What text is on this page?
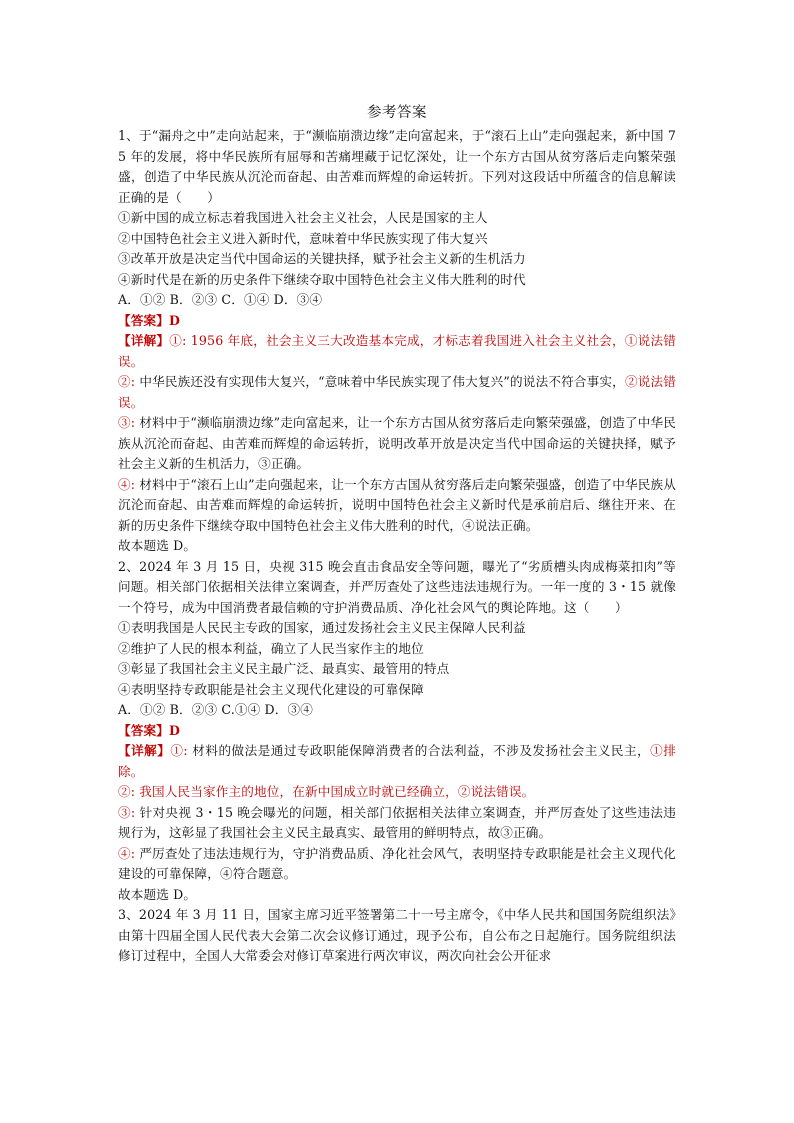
参考答案

1、于“漏舟之中”走向站起来，于“濒临崩溃边缘”走向富起来，于“滚石上山”走向强起来，新中国 75 年的发展，将中华民族所有屈辱和苦痛埋藏于记忆深处，让一个东方古国从贫穷落后走向繁荣强盛，创造了中华民族从沉沦而奋起、由苦难而辉煌的命运转折。下列对这段话中所蕴含的信息解读正确的是（　　）

①新中国的成立标志着我国进入社会主义社会，人民是国家的主人

②中国特色社会主义进入新时代，意味着中华民族实现了伟大复兴

③改革开放是决定当代中国命运的关键抉择，赋予社会主义新的生机活力

④新时代是在新的历史条件下继续夺取中国特色社会主义伟大胜利的时代

A．①② B．②③ C．①④ D．③④

【答案】D

【详解】①: 1956 年底，社会主义三大改造基本完成，才标志着我国进入社会主义社会，①说法错误。

②: 中华民族还没有实现伟大复兴，“意味着中华民族实现了伟大复兴”的说法不符合事实，②说法错误。

③: 材料中于“濒临崩溃边缘”走向富起来，让一个东方古国从贫穷落后走向繁荣强盛，创造了中华民族从沉沦而奋起、由苦难而辉煌的命运转折，说明改革开放是决定当代中国命运的关键抉择，赋予社会主义新的生机活力，③正确。

④: 材料中于“滚石上山”走向强起来，让一个东方古国从贫穷落后走向繁荣强盛，创造了中华民族从沉沦而奋起、由苦难而辉煌的命运转折，说明中国特色社会主义新时代是承前启后、继往开来、在新的历史条件下继续夺取中国特色社会主义伟大胜利的时代，④说法正确。

故本题选 D。

2、2024 年 3 月 15 日，央视 315 晚会直击食品安全等问题，曝光了“劣质槽头肉成梅菜扣肉”等问题。相关部门依据相关法律立案调查，并严厉查处了这些违法违规行为。一年一度的 3・15 就像一个符号，成为中国消费者最信赖的守护消费品质、净化社会风气的舆论阵地。这（　　）

①表明我国是人民民主专政的国家，通过发扬社会主义民主保障人民利益

②维护了人民的根本利益，确立了人民当家作主的地位

③彰显了我国社会主义民主最广泛、最真实、最管用的特点

④表明坚持专政职能是社会主义现代化建设的可靠保障

A．①② B．②③ C.①④ D．③④

【答案】D

【详解】①: 材料的做法是通过专政职能保障消费者的合法利益，不涉及发扬社会主义民主，①排除。

②: 我国人民当家作主的地位，在新中国成立时就已经确立，②说法错误。

③: 针对央视 3・15 晚会曝光的问题，相关部门依据相关法律立案调查，并严厉查处了这些违法违规行为，这彰显了我国社会主义民主最真实、最管用的鲜明特点，故③正确。

④: 严厉查处了违法违规行为，守护消费品质、净化社会风气，表明坚持专政职能是社会主义现代化建设的可靠保障，④符合题意。

故本题选 D。

3、2024 年 3 月 11 日，国家主席习近平签署第二十一号主席令，《中华人民共和国国务院组织法》由第十四届全国人民代表大会第二次会议修订通过，现予公布，自公布之日起施行。国务院组织法修订过程中，全国人大常委会对修订草案进行两次审议，两次向社会公开征求
